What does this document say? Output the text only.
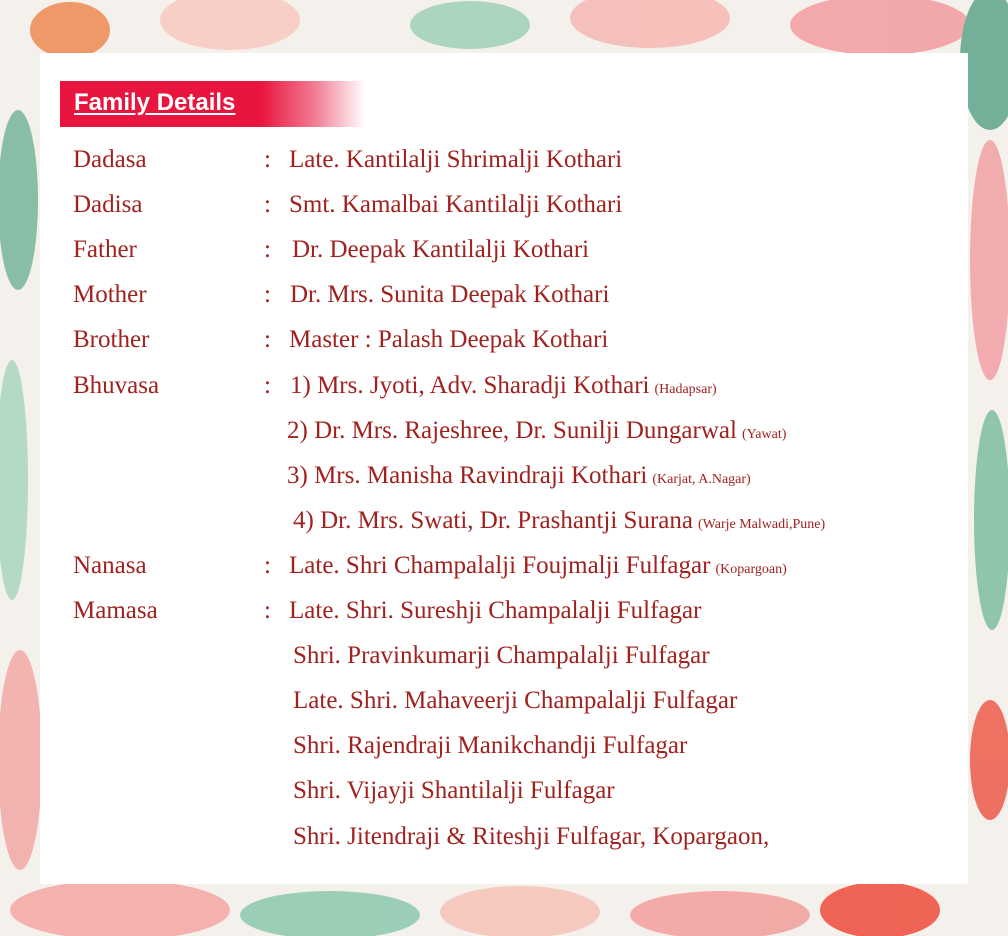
Family Details
Dadasa	: Late. Kantilalji Shrimalji Kothari
Dadisa	: Smt. Kamalbai Kantilalji Kothari
Father	: Dr. Deepak Kantilalji Kothari
Mother	: Dr. Mrs. Sunita Deepak Kothari
Brother	: Master : Palash Deepak Kothari
Bhuvasa	: 1) Mrs. Jyoti, Adv. Sharadji Kothari (Hadapsar)
2) Dr. Mrs. Rajeshree, Dr. Sunilji Dungarwal (Yawat)
3) Mrs. Manisha Ravindraji Kothari (Karjat, A.Nagar)
4) Dr. Mrs. Swati, Dr. Prashantji Surana (Warje Malwadi,Pune)
Nanasa	: Late. Shri Champalalji Foujmalji Fulfagar (Kopargoan)
Mamasa	: Late. Shri. Sureshji Champalalji Fulfagar
Shri. Pravinkumarji Champalalji Fulfagar
Late. Shri. Mahaveerji Champalalji Fulfagar
Shri. Rajendraji Manikchandji Fulfagar
Shri. Vijayji Shantilalji Fulfagar
Shri. Jitendraji & Riteshji Fulfagar, Kopargaon,
